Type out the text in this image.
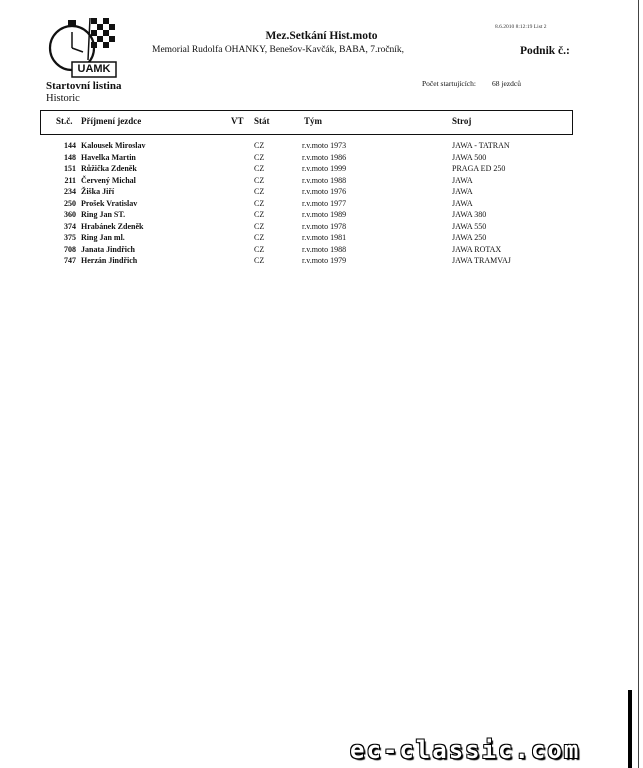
UAMK
Mez.Setkání Hist.moto
Memorial Rudolfa OHANKY, Benešov-Kavčák, BABA, 7.ročník,
8.6.2010 8:12:19 List 2
Podnik č.:
Startovní listina
Historic
Počet startujících: 68 jezdců
St.č. Příjmení jezdce	VT Stát	Tým	Stroj
144 Kalousek Miroslav	CZ	r.v.moto 1973	JAWA - TATRAN
148 Havelka Martin	CZ	r.v.moto 1986	JAWA 500
151 Růžička Zdeněk	CZ	r.v.moto 1999	PRAGA ED 250
211 Červený Michal	CZ	r.v.moto 1988	JAWA
234 Žiška Jiří	CZ	r.v.moto 1976	JAWA
250 Prošek Vratislav	CZ	r.v.moto 1977	JAWA
360 Ring Jan ST.	CZ	r.v.moto 1989	JAWA 380
374 Hrabánek Zdeněk	CZ	r.v.moto 1978	JAWA 550
375 Ring Jan ml.	CZ	r.v.moto 1981	JAWA 250
708 Janata Jindřich	CZ	r.v.moto 1988	JAWA ROTAX
747 Herzán Jindřich	CZ	r.v.moto 1979	JAWA TRAMVAJ
ec-classic.com
